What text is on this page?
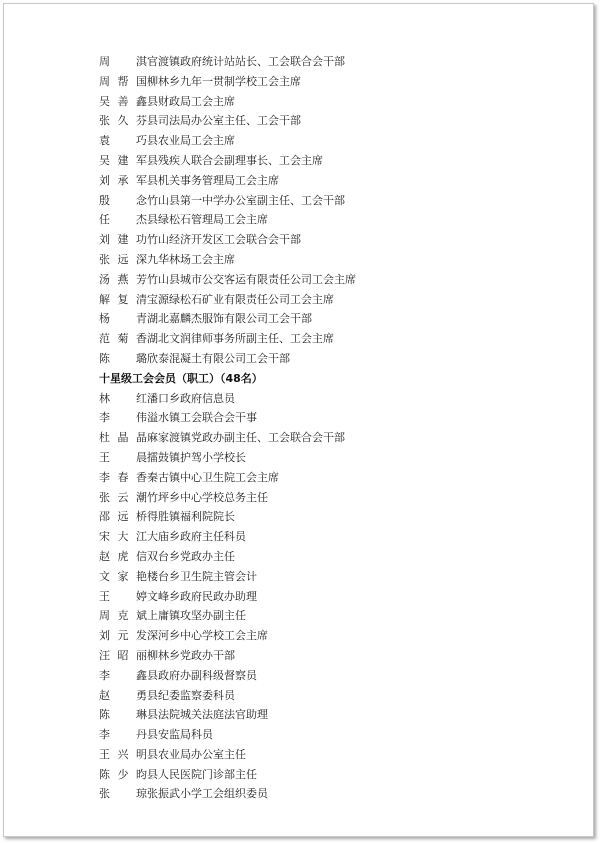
周淇官渡镇政府统计站站长、工会联合会干部
周帮国柳林乡九年一贯制学校工会主席
吴善鑫县财政局工会主席
张久芬县司法局办公室主任、工会干部
袁巧县农业局工会主席
吴建军县残疾人联合会副理事长、工会主席
刘承军县机关事务管理局工会主席
殷念竹山县第一中学办公室副主任、工会干部
任杰县绿松石管理局工会主席
刘建功竹山经济开发区工会联合会干部
张远深九华林场工会主席
汤燕芳竹山县城市公交客运有限责任公司工会主席
解复清宝源绿松石矿业有限责任公司工会主席
杨青湖北嘉麟杰服饰有限公司工会干部
范菊香湖北文润律师事务所副主任、工会主席
陈璐欣泰混凝土有限公司工会干部
十星级工会会员（职工）（48名）
林红潘口乡政府信息员
李伟溢水镇工会联合会干事
杜晶晶麻家渡镇党政办副主任、工会联合会干部
王晨擂鼓镇护驾小学校长
李春香秦古镇中心卫生院工会主席
张云潮竹坪乡中心学校总务主任
邵远桥得胜镇福利院院长
宋大江大庙乡政府主任科员
赵虎信双台乡党政办主任
文家艳楼台乡卫生院主管会计
王婷文峰乡政府民政办助理
周克斌上庸镇攻坚办副主任
刘元发深河乡中心学校工会主席
汪昭丽柳林乡党政办干部
李鑫县政府办副科级督察员
赵勇县纪委监察委科员
陈琳县法院城关法庭法官助理
李丹县安监局科员
王兴明县农业局办公室主任
陈少昀县人民医院门诊部主任
张琼张振武小学工会组织委员
